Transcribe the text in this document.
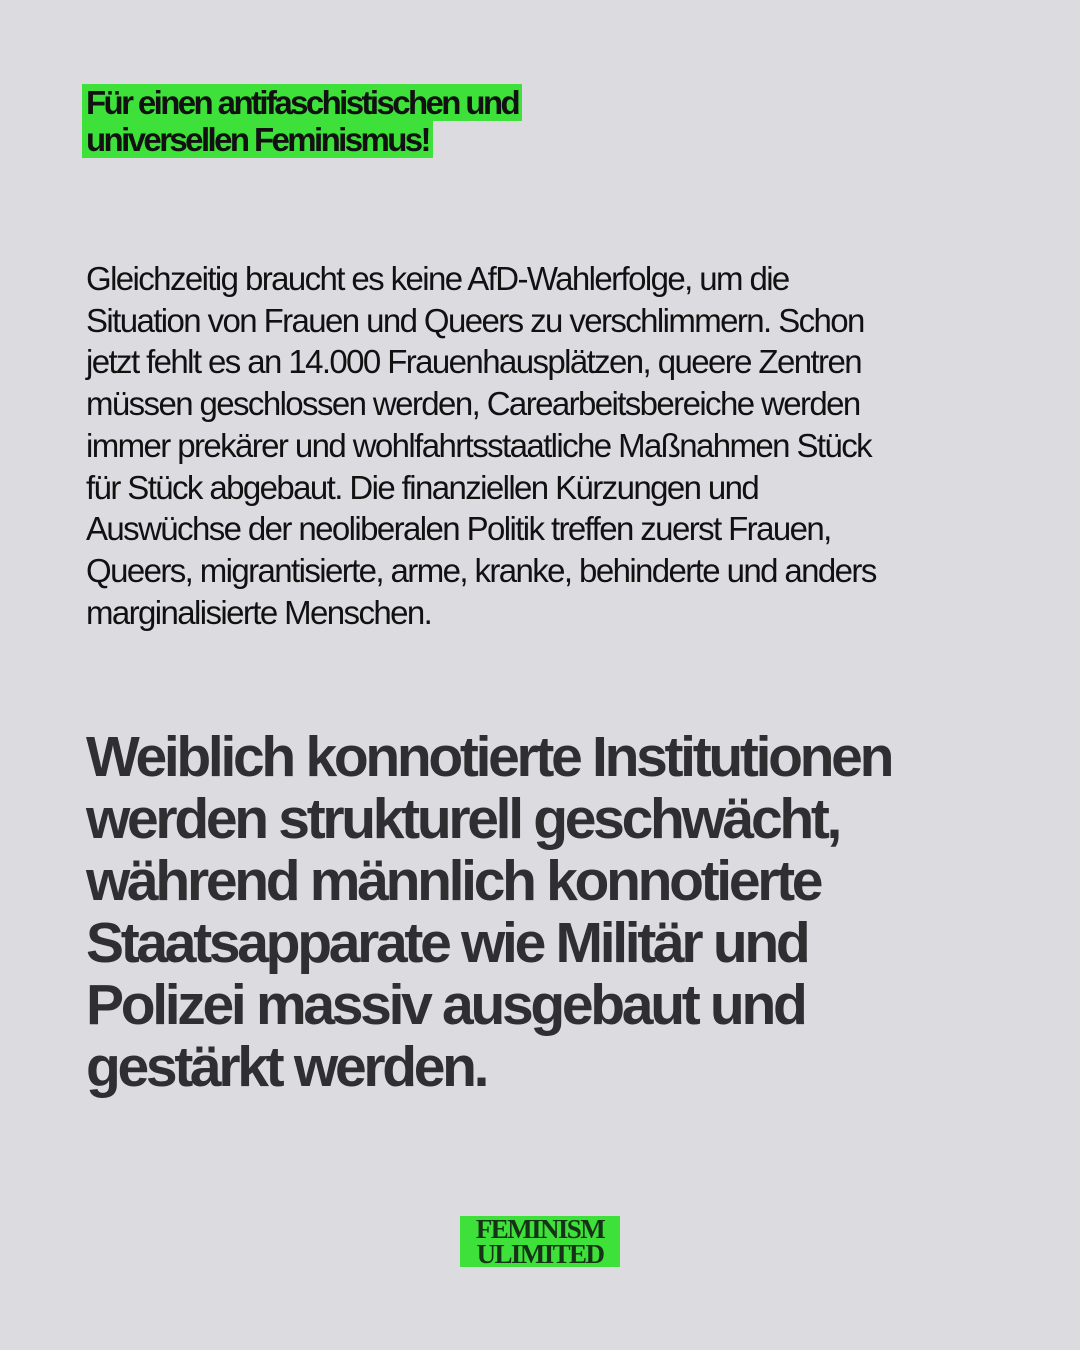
Für einen antifaschistischen und
universellen Feminismus!

Gleichzeitig braucht es keine AfD-Wahlerfolge, um die
Situation von Frauen und Queers zu verschlimmern. Schon
jetzt fehlt es an 14.000 Frauenhausplätzen, queere Zentren
müssen geschlossen werden, Carearbeitsbereiche werden
immer prekärer und wohlfahrtsstaatliche Maßnahmen Stück
für Stück abgebaut. Die finanziellen Kürzungen und
Auswüchse der neoliberalen Politik treffen zuerst Frauen,
Queers, migrantisierte, arme, kranke, behinderte und anders
marginalisierte Menschen.

Weiblich konnotierte Institutionen
werden strukturell geschwächt,
während männlich konnotierte
Staatsapparate wie Militär und
Polizei massiv ausgebaut und
gestärkt werden.

FEMINISM
ULIMITED
